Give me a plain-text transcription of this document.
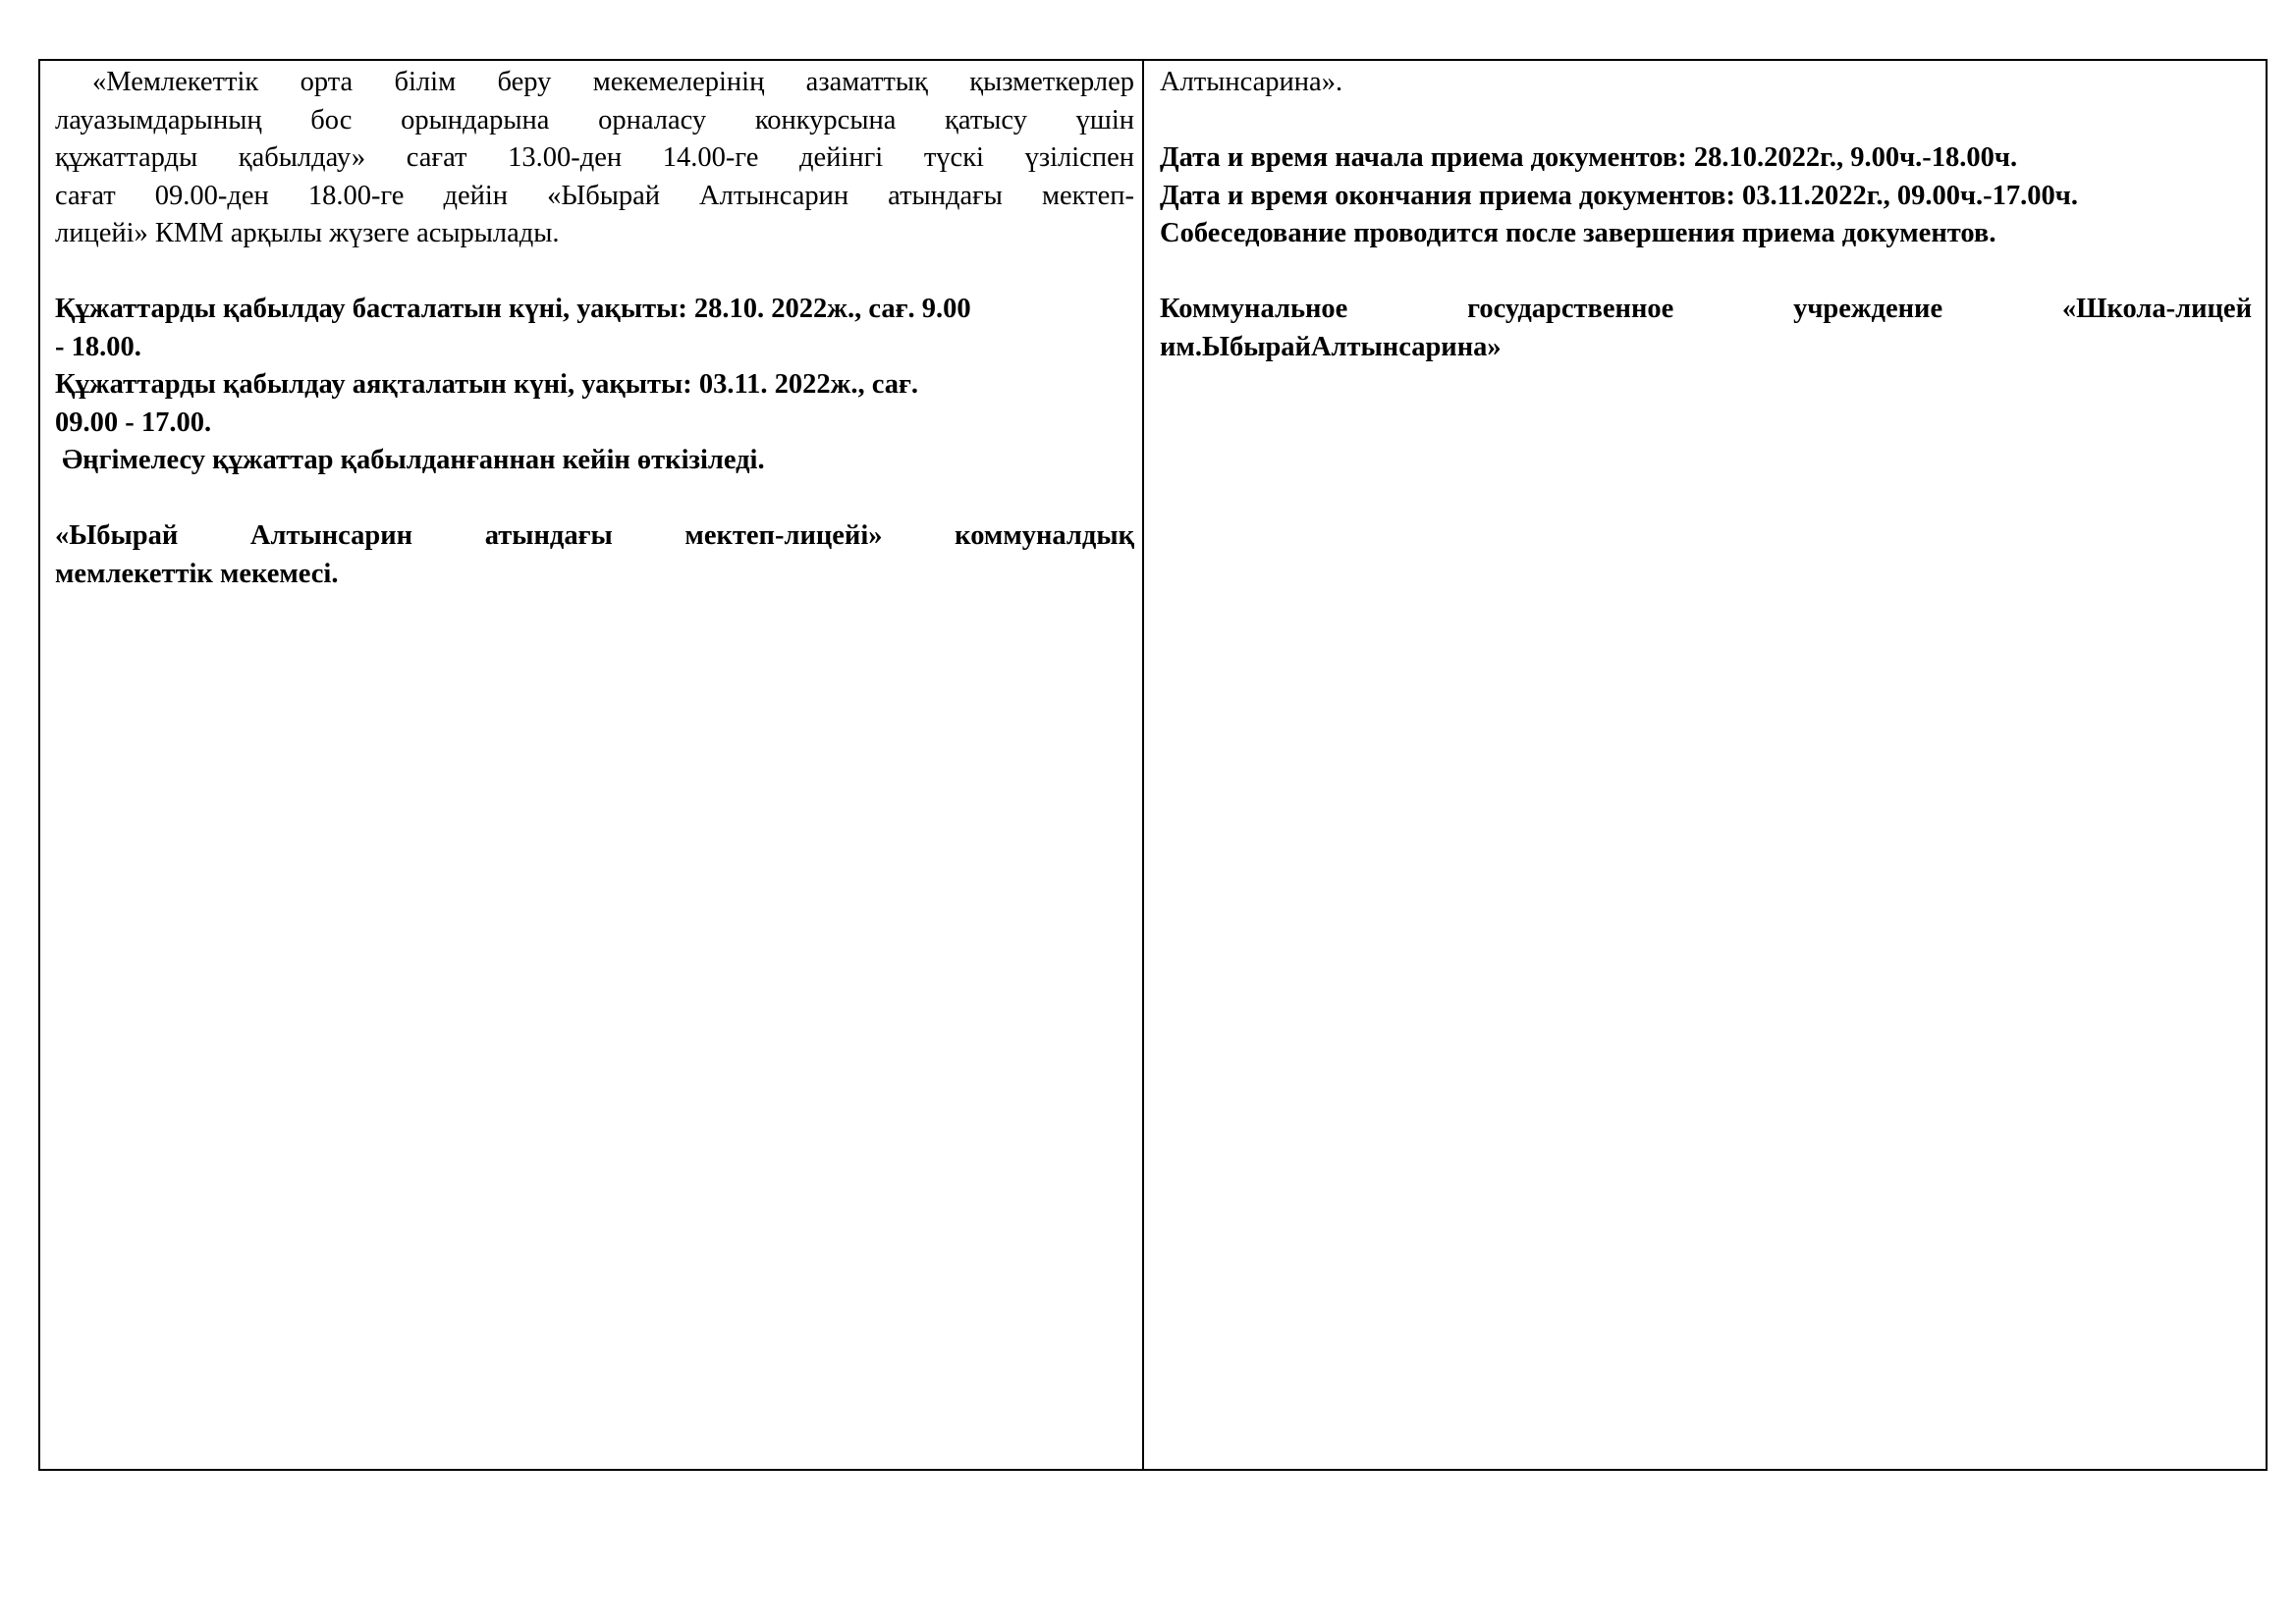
«Мемлекеттік орта білім беру мекемелерінің азаматтық қызметкерлер
лауазымдарының бос орындарына орналасу конкурсына қатысу үшін
құжаттарды қабылдау» сағат 13.00-ден 14.00-ге дейінгі түскі үзіліспен
сағат 09.00-ден 18.00-ге дейін «Ыбырай Алтынсарин атындағы мектеп-
лицейі» КММ арқылы жүзеге асырылады.

Құжаттарды қабылдау басталатын күні, уақыты: 28.10. 2022ж., сағ. 9.00
- 18.00.

Құжаттарды қабылдау аяқталатын күні, уақыты: 03.11. 2022ж., сағ.
09.00 - 17.00.

Әңгімелесу құжаттар қабылданғаннан кейін өткізіледі.

«Ыбырай Алтынсарин атындағы мектеп-лицейі» коммуналдық
мемлекеттік мекемесі.

Алтынсарина».

Дата и время начала приема документов: 28.10.2022г., 9.00ч.-18.00ч.

Дата и время окончания приема документов: 03.11.2022г., 09.00ч.-17.00ч.

Собеседование проводится после завершения приема документов.

Коммунальное государственное учреждение «Школа-лицей
им.ЫбырайАлтынсарина»
